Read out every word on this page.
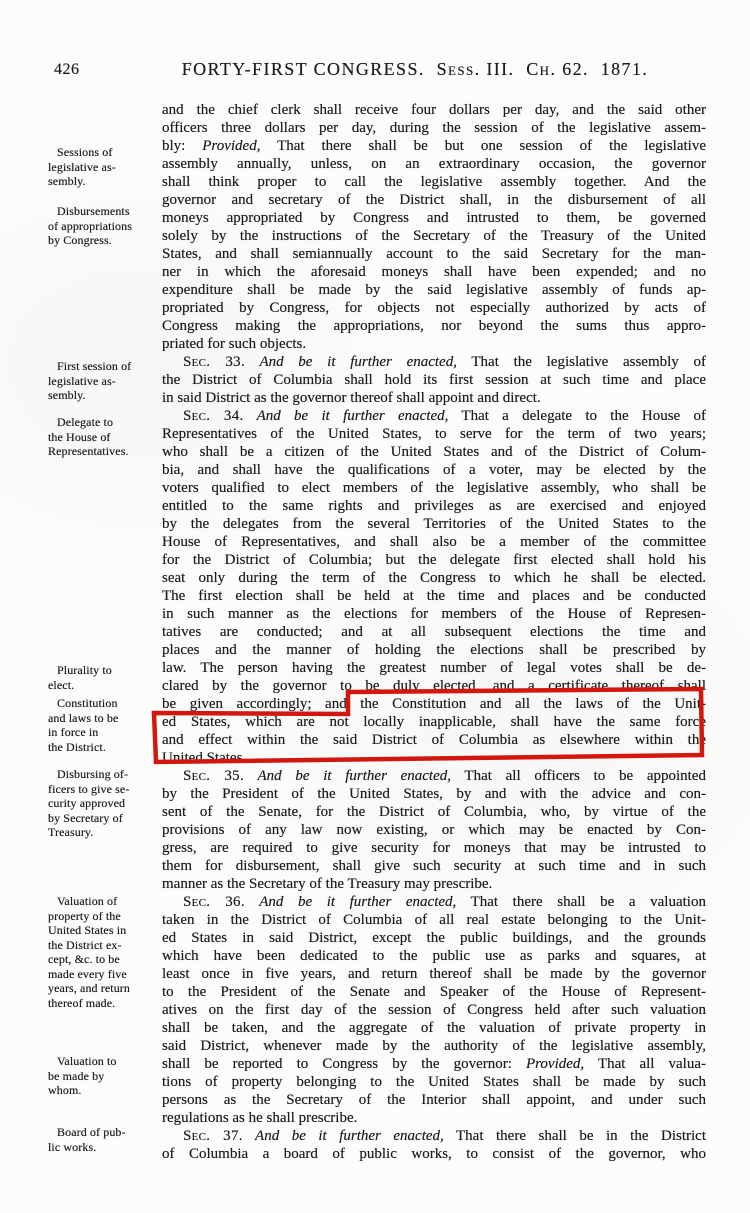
426	FORTY-FIRST CONGRESS.  Sess. III.  Ch. 62.  1871.
Sessions of
legislative as-
sembly.
Disbursements
of appropriations
by Congress.
First session of
legislative as-
sembly.
Delegate to
the House of
Representatives.
Plurality to
elect.
Constitution
and laws to be
in force in
the District.
Disbursing of-
ficers to give se-
curity approved
by Secretary of
Treasury.
Valuation of
property of the
United States in
the District ex-
cept, &c. to be
made every five
years, and return
thereof made.
Valuation to
be made by
whom.
Board of pub-
lic works.
and the chief clerk shall receive four dollars per day, and the said other
officers three dollars per day, during the session of the legislative assem-
bly: Provided, That there shall be but one session of the legislative
assembly annually, unless, on an extraordinary occasion, the governor
shall think proper to call the legislative assembly together. And the
governor and secretary of the District shall, in the disbursement of all
moneys appropriated by Congress and intrusted to them, be governed
solely by the instructions of the Secretary of the Treasury of the United
States, and shall semiannually account to the said Secretary for the man-
ner in which the aforesaid moneys shall have been expended; and no
expenditure shall be made by the said legislative assembly of funds ap-
propriated by Congress, for objects not especially authorized by acts of
Congress making the appropriations, nor beyond the sums thus appro-
priated for such objects.
Sec. 33. And be it further enacted, That the legislative assembly of
the District of Columbia shall hold its first session at such time and place
in said District as the governor thereof shall appoint and direct.
Sec. 34. And be it further enacted, That a delegate to the House of
Representatives of the United States, to serve for the term of two years;
who shall be a citizen of the United States and of the District of Colum-
bia, and shall have the qualifications of a voter, may be elected by the
voters qualified to elect members of the legislative assembly, who shall be
entitled to the same rights and privileges as are exercised and enjoyed
by the delegates from the several Territories of the United States to the
House of Representatives, and shall also be a member of the committee
for the District of Columbia; but the delegate first elected shall hold his
seat only during the term of the Congress to which he shall be elected.
The first election shall be held at the time and places and be conducted
in such manner as the elections for members of the House of Represen-
tatives are conducted; and at all subsequent elections the time and
places and the manner of holding the elections shall be prescribed by
law. The person having the greatest number of legal votes shall be de-
clared by the governor to be duly elected, and a certificate thereof shall
be given accordingly; and the Constitution and all the laws of the Unit-
ed States, which are not locally inapplicable, shall have the same force
and effect within the said District of Columbia as elsewhere within the
United States.
Sec. 35. And be it further enacted, That all officers to be appointed
by the President of the United States, by and with the advice and con-
sent of the Senate, for the District of Columbia, who, by virtue of the
provisions of any law now existing, or which may be enacted by Con-
gress, are required to give security for moneys that may be intrusted to
them for disbursement, shall give such security at such time and in such
manner as the Secretary of the Treasury may prescribe.
Sec. 36. And be it further enacted, That there shall be a valuation
taken in the District of Columbia of all real estate belonging to the Unit-
ed States in said District, except the public buildings, and the grounds
which have been dedicated to the public use as parks and squares, at
least once in five years, and return thereof shall be made by the governor
to the President of the Senate and Speaker of the House of Represent-
atives on the first day of the session of Congress held after such valuation
shall be taken, and the aggregate of the valuation of private property in
said District, whenever made by the authority of the legislative assembly,
shall be reported to Congress by the governor: Provided, That all valua-
tions of property belonging to the United States shall be made by such
persons as the Secretary of the Interior shall appoint, and under such
regulations as he shall prescribe.
Sec. 37. And be it further enacted, That there shall be in the District
of Columbia a board of public works, to consist of the governor, who
